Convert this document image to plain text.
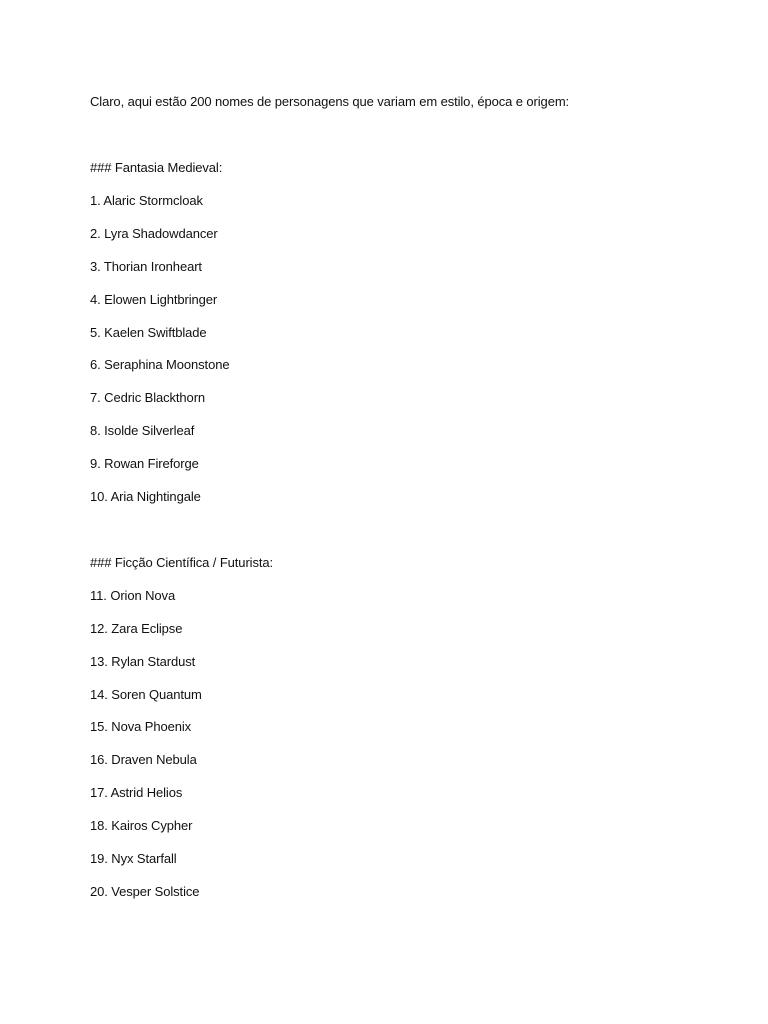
Claro, aqui estão 200 nomes de personagens que variam em estilo, época e origem:
### Fantasia Medieval:
1. Alaric Stormcloak
2. Lyra Shadowdancer
3. Thorian Ironheart
4. Elowen Lightbringer
5. Kaelen Swiftblade
6. Seraphina Moonstone
7. Cedric Blackthorn
8. Isolde Silverleaf
9. Rowan Fireforge
10. Aria Nightingale
### Ficção Científica / Futurista:
11. Orion Nova
12. Zara Eclipse
13. Rylan Stardust
14. Soren Quantum
15. Nova Phoenix
16. Draven Nebula
17. Astrid Helios
18. Kairos Cypher
19. Nyx Starfall
20. Vesper Solstice
